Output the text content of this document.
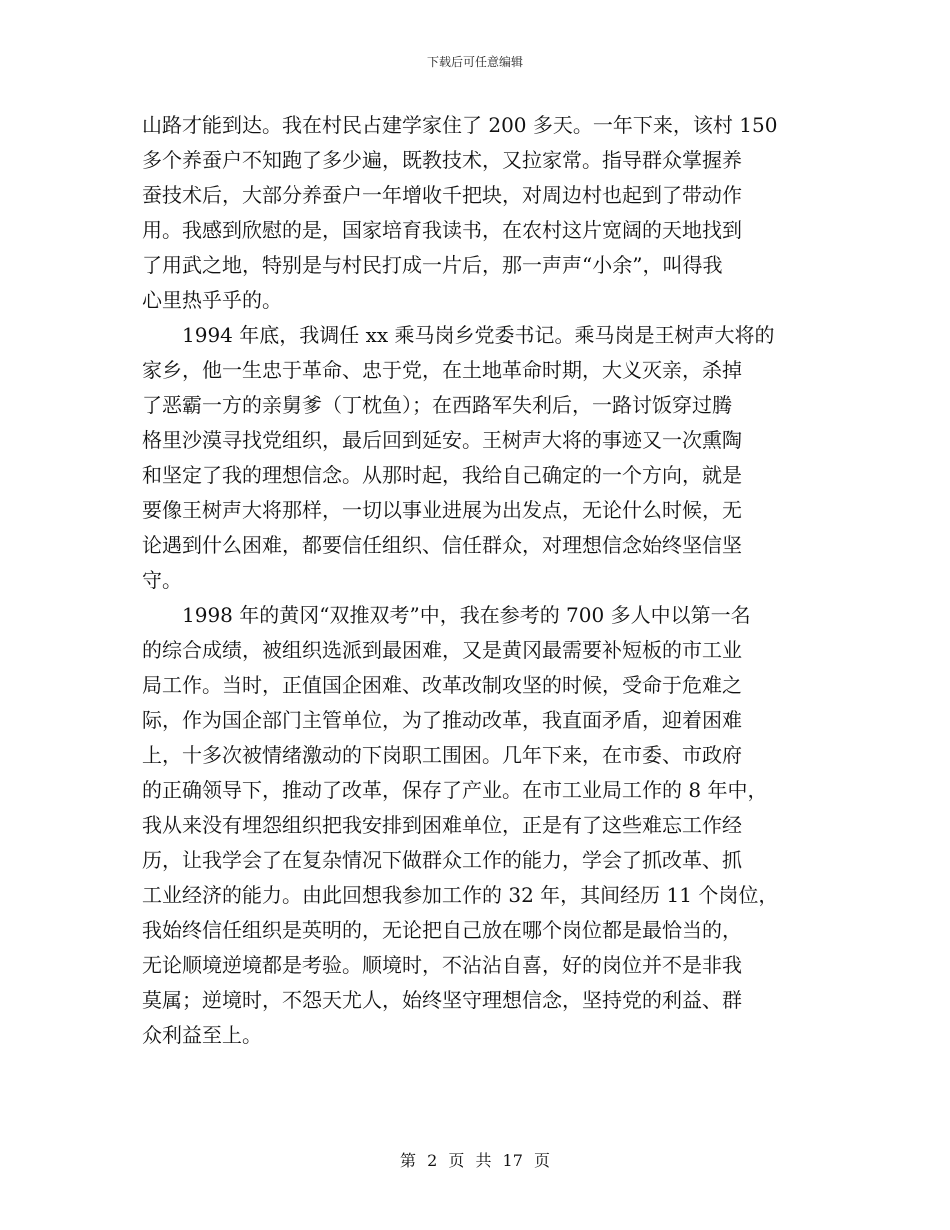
下载后可任意编辑
山路才能到达。我在村民占建学家住了 200 多天。一年下来，该村 150
多个养蚕户不知跑了多少遍，既教技术，又拉家常。指导群众掌握养
蚕技术后，大部分养蚕户一年增收千把块，对周边村也起到了带动作
用。我感到欣慰的是，国家培育我读书，在农村这片宽阔的天地找到
了用武之地，特别是与村民打成一片后，那一声声“小余”，叫得我
心里热乎乎的。
1994 年底，我调任 xx 乘马岗乡党委书记。乘马岗是王树声大将的
家乡，他一生忠于革命、忠于党，在土地革命时期，大义灭亲，杀掉
了恶霸一方的亲舅爹（丁枕鱼）；在西路军失利后，一路讨饭穿过腾
格里沙漠寻找党组织，最后回到延安。王树声大将的事迹又一次熏陶
和坚定了我的理想信念。从那时起，我给自己确定的一个方向，就是
要像王树声大将那样，一切以事业进展为出发点，无论什么时候，无
论遇到什么困难，都要信任组织、信任群众，对理想信念始终坚信坚
守。
1998 年的黄冈“双推双考”中，我在参考的 700 多人中以第一名
的综合成绩，被组织选派到最困难，又是黄冈最需要补短板的市工业
局工作。当时，正值国企困难、改革改制攻坚的时候，受命于危难之
际，作为国企部门主管单位，为了推动改革，我直面矛盾，迎着困难
上，十多次被情绪激动的下岗职工围困。几年下来，在市委、市政府
的正确领导下，推动了改革，保存了产业。在市工业局工作的 8 年中，
我从来没有埋怨组织把我安排到困难单位，正是有了这些难忘工作经
历，让我学会了在复杂情况下做群众工作的能力，学会了抓改革、抓
工业经济的能力。由此回想我参加工作的 32 年，其间经历 11 个岗位，
我始终信任组织是英明的，无论把自己放在哪个岗位都是最恰当的，
无论顺境逆境都是考验。顺境时，不沾沾自喜，好的岗位并不是非我
莫属；逆境时，不怨天尤人，始终坚守理想信念，坚持党的利益、群
众利益至上。
第 2 页 共 17 页
